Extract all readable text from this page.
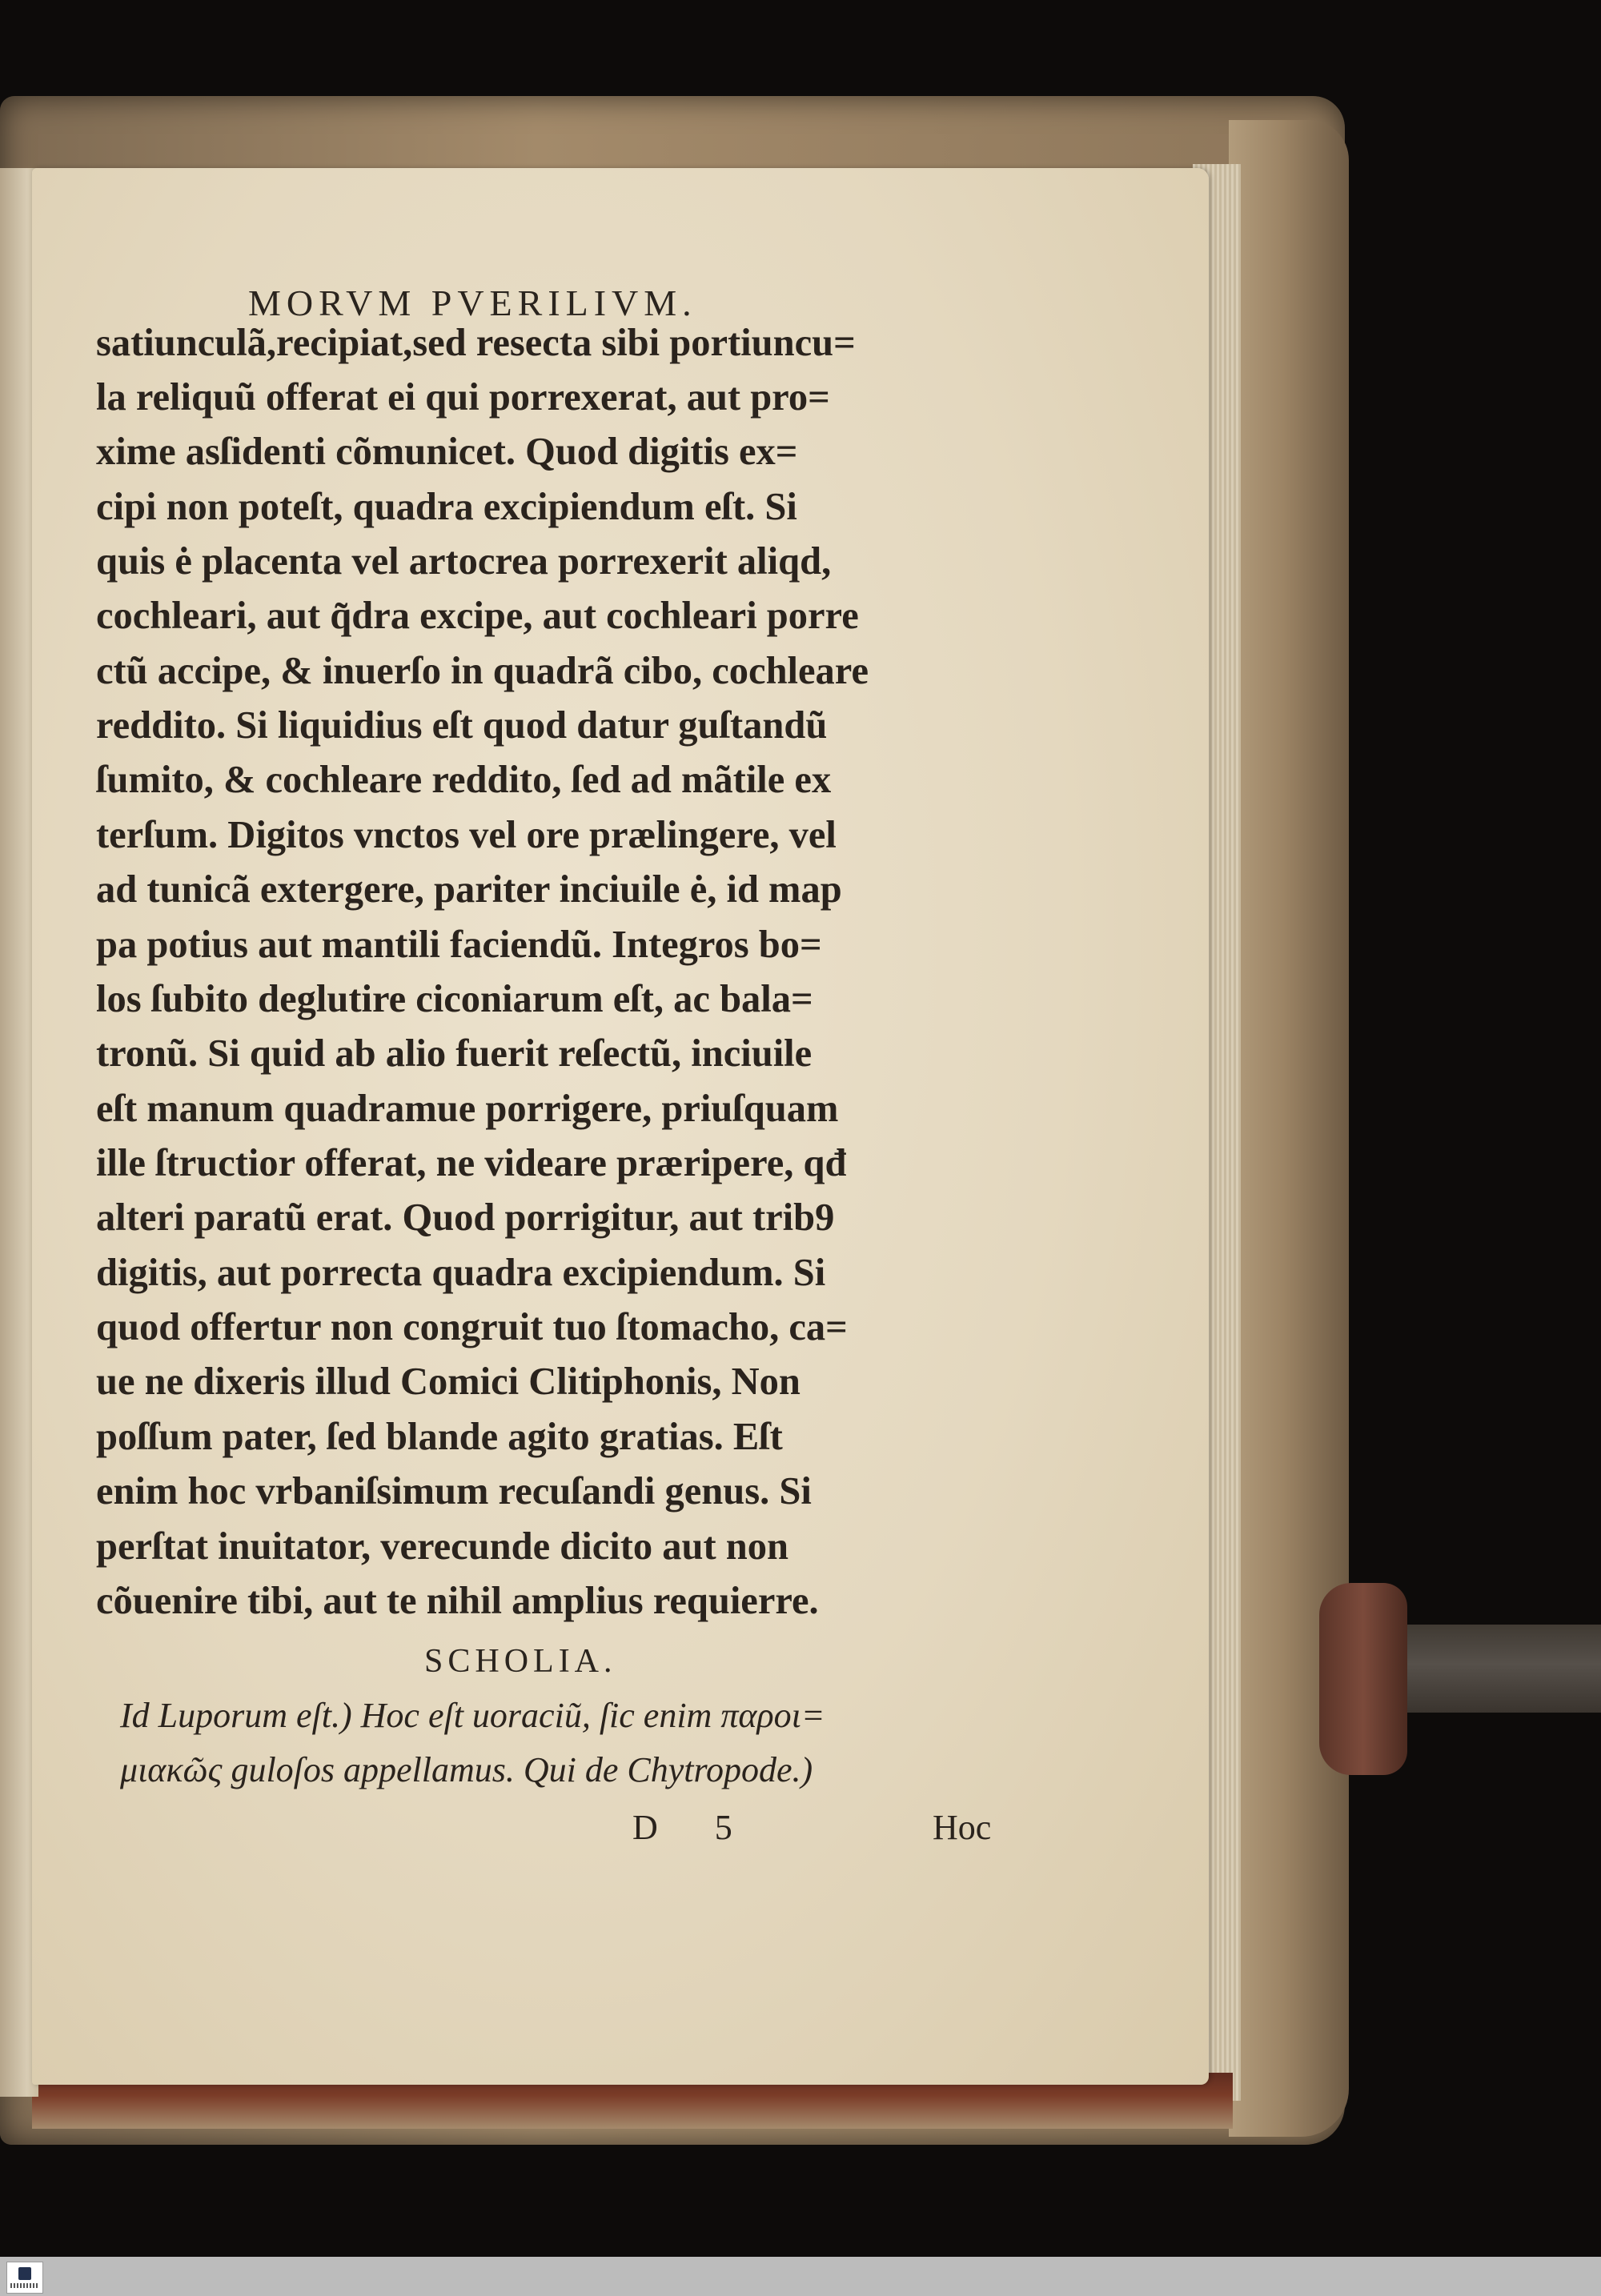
MORVM PVERILIVM.
satiunculã,recipiat,sed resecta sibi portiuncu=
la reliquũ offerat ei qui porrexerat, aut pro=
xime asſidenti cõmunicet. Quod digitis ex=
cipi non poteſt, quadra excipiendum eſt. Si
quis ė placenta vel artocrea porrexerit aliqd,
cochleari, aut q̃dra excipe, aut cochleari porre
ctũ accipe, & inuerſo in quadrã cibo, cochleare
reddito. Si liquidius eſt quod datur guſtandũ
ſumito, & cochleare reddito, ſed ad mãtile ex
terſum. Digitos vnctos vel ore prælingere, vel
ad tunicã extergere, pariter inciuile ė, id map
pa potius aut mantili faciendũ. Integros bo=
los ſubito deglutire ciconiarum eſt, ac bala=
tronũ. Si quid ab alio fuerit reſectũ, inciuile
eſt manum quadramue porrigere, priuſquam
ille ſtructior offerat, ne videare præripere, qđ
alteri paratũ erat. Quod porrigitur, aut trib9
digitis, aut porrecta quadra excipiendum. Si
quod offertur non congruit tuo ſtomacho, ca=
ue ne dixeris illud Comici Clitiphonis, Non
poſſum pater, ſed blande agito gratias. Eſt
enim hoc vrbaniſsimum recuſandi genus. Si
perſtat inuitator, verecunde dicito aut non
cõuenire tibi, aut te nihil amplius requierre.
SCHOLIA.
Id Luporum eſt.) Hoc eſt uoraciũ, ſic enim παροι=
μιακῶς guloſos appellamus. Qui de Chytropode.)
D 5	Hoc
